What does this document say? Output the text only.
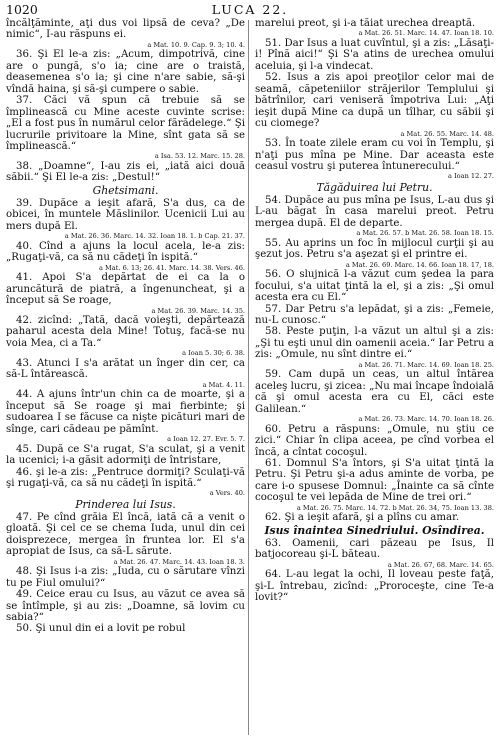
1020	LUCA 22.

încălţăminte, aţi dus voi lipsă de ceva? „De nimic“, I-au răspuns ei.

a Mat. 10. 9. Cap. 9. 3; 10. 4.

36. Şi El le-a zis: „Acum, dimpotrivă, cine are o pungă, s'o ia; cine are o traistă, deasemenea s'o ia; şi cine n'are sabie, să-şi vîndă haina, şi să-şi cumpere o sabie.

37. Căci vă spun că trebuie să se împlinească cu Mine aceste cuvinte scrise: „El a fost pus în numărul celor fărădelege.“ Şi lucrurile privitoare la Mine, sînt gata să se împlinească.“

a Isa. 53. 12. Marc. 15. 28.

38. „Doamne“, I-au zis ei, „iată aici două săbii.“ Şi El le-a zis: „Destul!“

Ghetsimani.

39. Dupăce a ieşit afară, S'a dus, ca de obicei, în muntele Măslinilor. Ucenicii Lui au mers după El.

a Mat. 26. 36. Marc. 14. 32. Ioan 18. 1. b Cap. 21. 37.

40. Cînd a ajuns la locul acela, le-a zis: „Rugaţi-vă, ca să nu cădeţi în ispită.“

a Mat. 6. 13; 26. 41. Marc. 14. 38. Vers. 46.

41. Apoi S'a depărtat de ei ca la o aruncătură de piatră, a îngenuncheat, şi a început să Se roage,

a Mat. 26. 39. Marc. 14. 35.

42. zicînd: „Tată, dacă voieşti, depărtează paharul acesta dela Mine! Totuş, facă-se nu voia Mea, ci a Ta.“

a Ioan 5. 30; 6. 38.

43. Atunci I s'a arătat un înger din cer, ca să-L întărească.

a Mat. 4. 11.

44. A ajuns într'un chin ca de moarte, şi a început să Se roage şi mai fierbinte; şi sudoarea I se făcuse ca nişte picături mari de sînge, cari cădeau pe pămînt.

a Ioan 12. 27. Evr. 5. 7.

45. După ce S'a rugat, S'a sculat, şi a venit la ucenici; i-a găsit adormiţi de întristare,

46. şi le-a zis: „Pentruce dormiţi? Sculaţi-vă şi rugaţi-vă, ca să nu cădeţi în ispită.“

a Vers. 40.

Prinderea lui Isus.

47. Pe cînd grăia El încă, iată că a venit o gloată. Şi cel ce se chema Iuda, unul din cei doisprezece, mergea în fruntea lor. El s'a apropiat de Isus, ca să-L sărute.

a Mat. 26. 47. Marc. 14. 43. Ioan 18. 3.

48. Şi Isus i-a zis: „Iuda, cu o sărutare vînzi tu pe Fiul omului?“

49. Ceice erau cu Isus, au văzut ce avea să se întîmple, şi au zis: „Doamne, să lovim cu sabia?“

50. Şi unul din ei a lovit pe robul

marelui preot, şi i-a tăiat urechea dreaptă.

a Mat. 26. 51. Marc. 14. 47. Ioan 18. 10.

51. Dar Isus a luat cuvîntul, şi a zis: „Lăsaţi-i! Pînă aici!“ Şi S'a atins de urechea omului aceluia, şi l-a vindecat.

52. Isus a zis apoi preoţilor celor mai de seamă, căpeteniilor străjerilor Templului şi bătrînilor, cari veniseră împotriva Lui: „Aţi ieşit după Mine ca după un tîlhar, cu săbii şi cu ciomege?

a Mat. 26. 55. Marc. 14. 48.

53. În toate zilele eram cu voi în Templu, şi n'aţi pus mîna pe Mine. Dar aceasta este ceasul vostru şi puterea întunerecului.“

a Ioan 12. 27.

Tăgăduirea lui Petru.

54. Dupăce au pus mîna pe Isus, L-au dus şi L-au băgat în casa marelui preot. Petru mergea după. El de departe.

a Mat. 26. 57. b Mat. 26. 58. Ioan 18. 15.

55. Au aprins un foc în mijlocul curţii şi au şezut jos. Petru s'a aşezat şi el printre ei.

a Mat. 26. 69. Marc. 14. 66. Ioan 18. 17, 18.

56. O slujnică l-a văzut cum şedea la para focului, s'a uitat ţintă la el, şi a zis: „Şi omul acesta era cu El.“

57. Dar Petru s'a lepădat, şi a zis: „Femeie, nu-L cunosc.“

58. Peste puţin, l-a văzut un altul şi a zis: „Şi tu eşti unul din oamenii aceia.“ Iar Petru a zis: „Omule, nu sînt dintre ei.“

a Mat. 26. 71. Marc. 14. 69. Ioan 18. 25.

59. Cam după un ceas, un altul întărea aceleş lucru, şi zicea: „Nu mai încape îndoială că şi omul acesta era cu El, căci este Galilean.“

a Mat. 26. 73. Marc. 14. 70. Ioan 18. 26.

60. Petru a răspuns: „Omule, nu ştiu ce zici.“ Chiar în clipa aceea, pe cînd vorbea el încă, a cîntat cocoşul.

61. Domnul S'a întors, şi S'a uitat ţintă la Petru. Şi Petru şi-a adus aminte de vorba, pe care i-o spusese Domnul: „Înainte ca să cînte cocoşul te vei lepăda de Mine de trei ori.“

a Mat. 26. 75. Marc. 14. 72. b Mat. 26. 34, 75. Ioan 13. 38.

62. Şi a ieşit afară, şi a plîns cu amar.

Isus înaintea Sinedriului. Osîndirea.

63. Oamenii, cari păzeau pe Isus, Il batjocoreau şi-L băteau.

a Mat. 26. 67, 68. Marc. 14. 65.

64. L-au legat la ochi, Il loveau peste faţă, şi-L întrebau, zicînd: „Proroceşte, cine Te-a lovit?“
